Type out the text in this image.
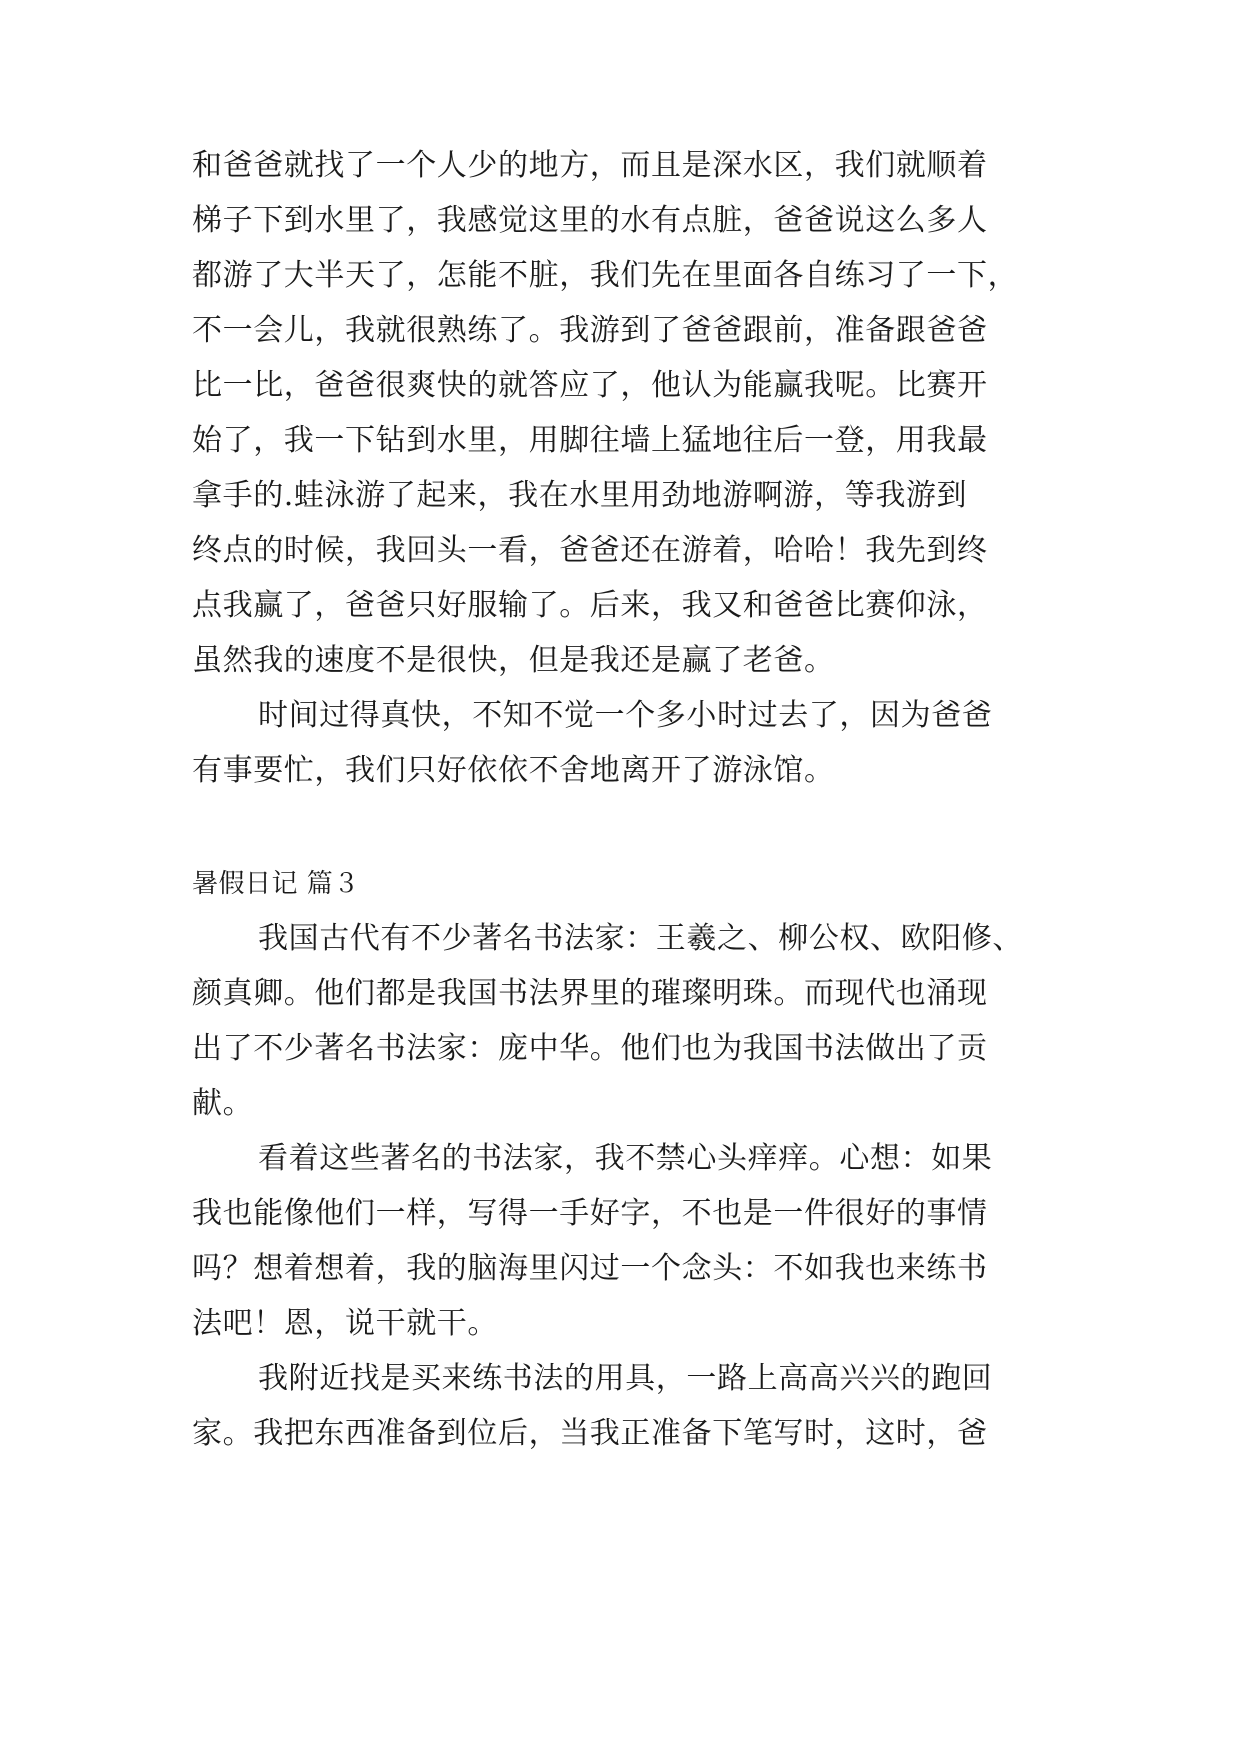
和爸爸就找了一个人少的地方，而且是深水区，我们就顺着
梯子下到水里了，我感觉这里的水有点脏，爸爸说这么多人
都游了大半天了，怎能不脏，我们先在里面各自练习了一下，
不一会儿，我就很熟练了。我游到了爸爸跟前，准备跟爸爸
比一比，爸爸很爽快的就答应了，他认为能赢我呢。比赛开
始了，我一下钻到水里，用脚往墙上猛地往后一登，用我最
拿手的.蛙泳游了起来，我在水里用劲地游啊游，等我游到
终点的时候，我回头一看，爸爸还在游着，哈哈！我先到终
点我赢了，爸爸只好服输了。后来，我又和爸爸比赛仰泳，
虽然我的速度不是很快，但是我还是赢了老爸。
时间过得真快，不知不觉一个多小时过去了，因为爸爸
有事要忙，我们只好依依不舍地离开了游泳馆。
暑假日记 篇３
我国古代有不少著名书法家：王羲之、柳公权、欧阳修、
颜真卿。他们都是我国书法界里的璀璨明珠。而现代也涌现
出了不少著名书法家：庞中华。他们也为我国书法做出了贡
献。
看着这些著名的书法家，我不禁心头痒痒。心想：如果
我也能像他们一样，写得一手好字，不也是一件很好的事情
吗？想着想着，我的脑海里闪过一个念头：不如我也来练书
法吧！恩，说干就干。
我附近找是买来练书法的用具，一路上高高兴兴的跑回
家。我把东西准备到位后，当我正准备下笔写时，这时，爸
